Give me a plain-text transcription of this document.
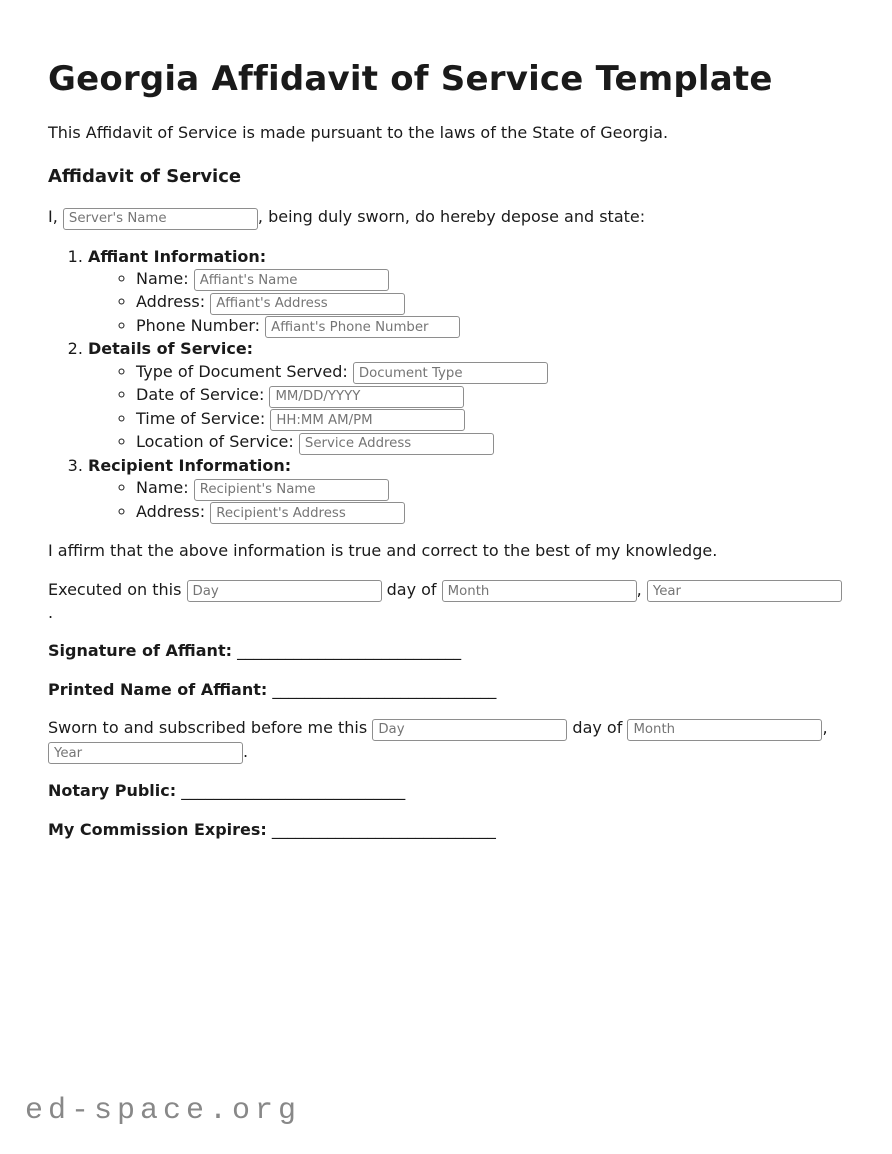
Georgia Affidavit of Service Template

This Affidavit of Service is made pursuant to the laws of the State of Georgia.

Affidavit of Service

I, Server's Name	, being duly sworn, do hereby depose and state:

1. Affiant Information:
◦ Name: Affiant's Name
◦ Address: Affiant's Address
◦ Phone Number: Affiant's Phone Number
2. Details of Service:
◦ Type of Document Served: Document Type
◦ Date of Service: MM/DD/YYYY
◦ Time of Service: HH:MM AM/PM
◦ Location of Service: Service Address
3. Recipient Information:
◦ Name: Recipient's Name
◦ Address: Recipient's Address

I affirm that the above information is true and correct to the best of my knowledge.

Executed on this Day	day of Month	, Year .

Signature of Affiant: ____________________________

Printed Name of Affiant: ____________________________

Sworn to and subscribed before me this Day	day of Month	, Year.

Notary Public: ____________________________

My Commission Expires: ____________________________

ed-space.org
